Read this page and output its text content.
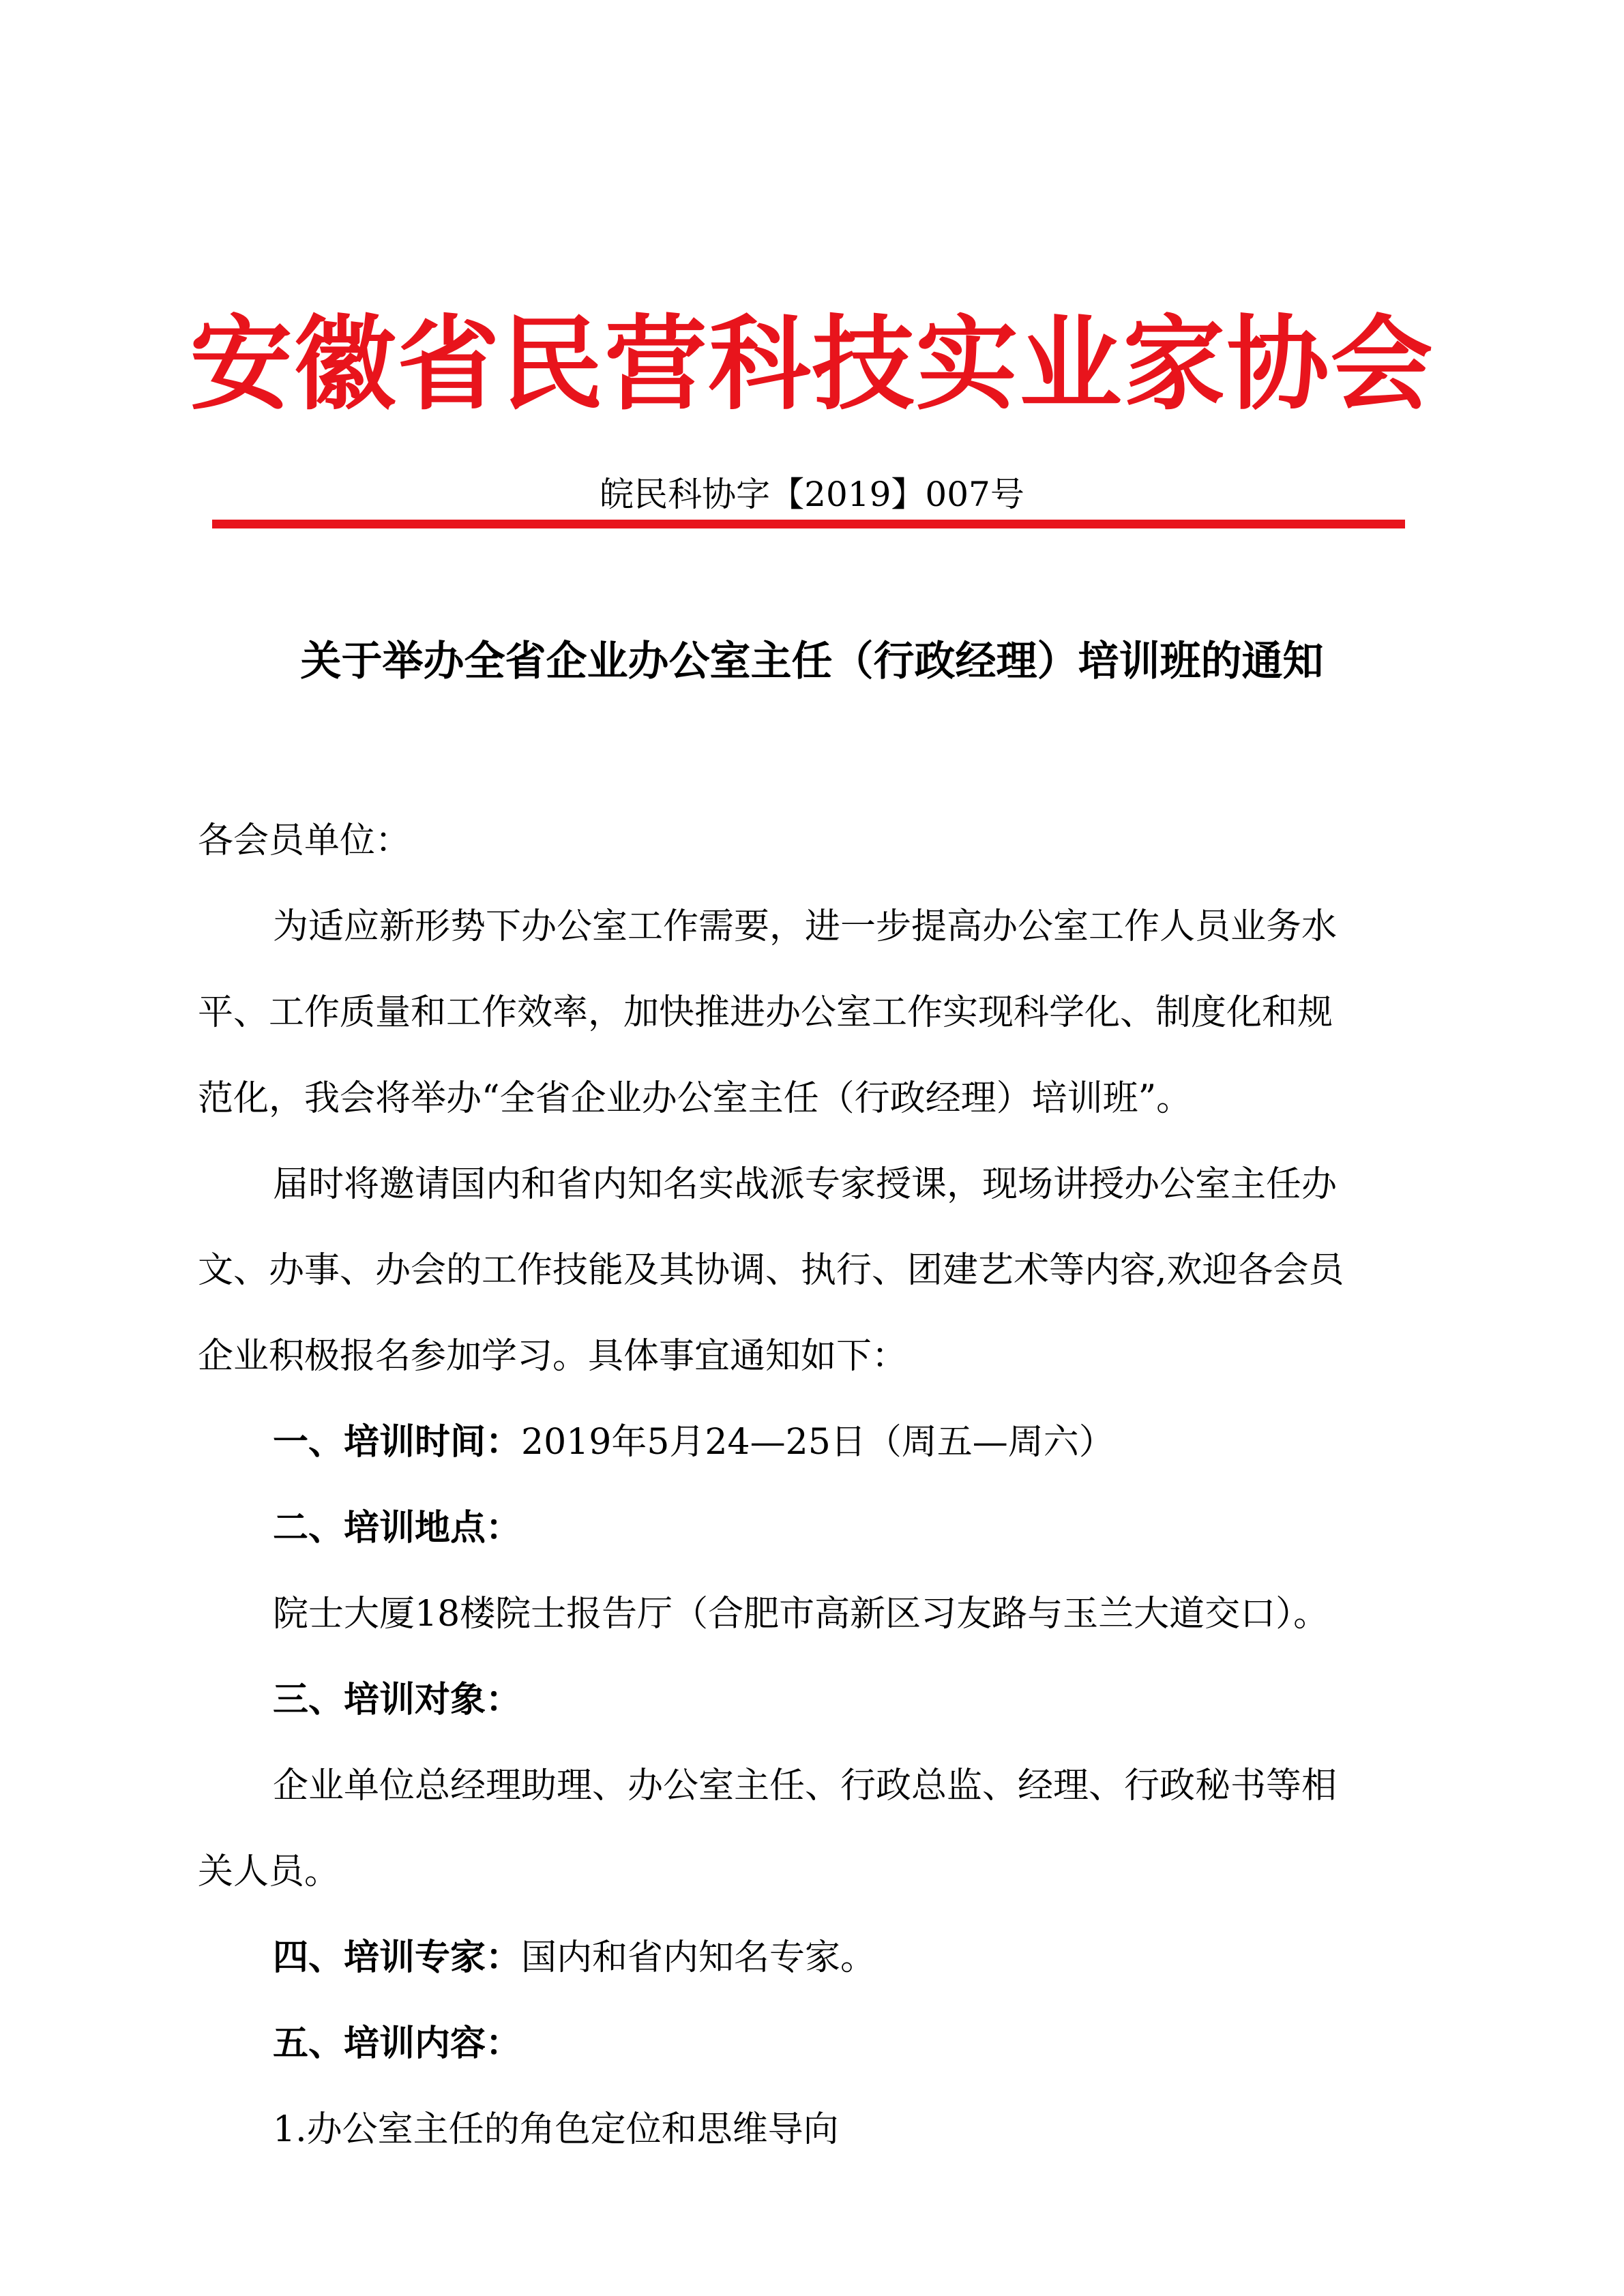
安徽省民营科技实业家协会
皖民科协字【2019】007号
关于举办全省企业办公室主任（行政经理）培训班的通知
各会员单位：
为适应新形势下办公室工作需要，进一步提高办公室工作人员业务水
平、工作质量和工作效率，加快推进办公室工作实现科学化、制度化和规
范化，我会将举办“全省企业办公室主任（行政经理）培训班”。
届时将邀请国内和省内知名实战派专家授课，现场讲授办公室主任办
文、办事、办会的工作技能及其协调、执行、团建艺术等内容,欢迎各会员
企业积极报名参加学习。具体事宜通知如下：
一、培训时间：2019年5月24—25日（周五—周六）
二、培训地点：
院士大厦18楼院士报告厅（合肥市高新区习友路与玉兰大道交口）。
三、培训对象：
企业单位总经理助理、办公室主任、行政总监、经理、行政秘书等相
关人员。
四、培训专家：国内和省内知名专家。
五、培训内容：
1.办公室主任的角色定位和思维导向
